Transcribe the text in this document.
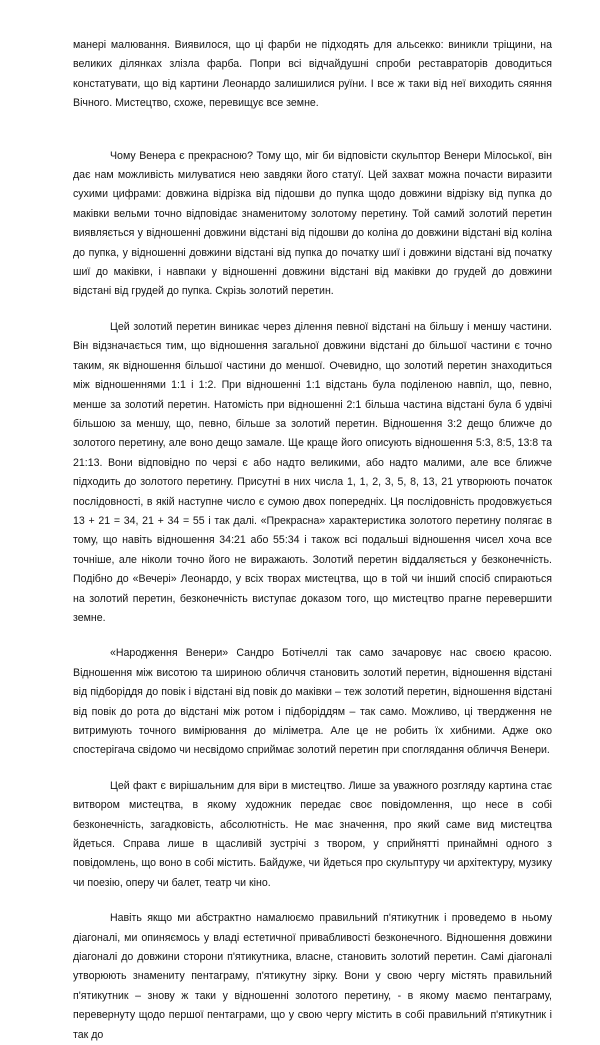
манері малювання. Виявилося, що ці фарби не підходять для альсекко: виникли тріщини, на великих ділянках злізла фарба. Попри всі відчайдушні спроби реставраторів доводиться констатувати, що від картини Леонардо залишилися руїни. І все ж таки від неї виходить сяяння Вічного. Мистецтво, схоже, перевищує все земне.

Чому Венера є прекрасною? Тому що, міг би відповісти скульптор Венери Мілоської, він дає нам можливість милуватися нею завдяки його статуї. Цей захват можна почасти виразити сухими цифрами: довжина відрізка від підошви до пупка щодо довжини відрізку від пупка до маківки вельми точно відповідає знаменитому золотому перетину. Той самий золотий перетин виявляється у відношенні довжини відстані від підошви до коліна до довжини відстані від коліна до пупка, у відношенні довжини відстані від пупка до початку шиї і довжини відстані від початку шиї до маківки, і навпаки у відношенні довжини відстані від маківки до грудей до довжини відстані від грудей до пупка. Скрізь золотий перетин.

Цей золотий перетин виникає через ділення певної відстані на більшу і меншу частини. Він відзначається тим, що відношення загальної довжини відстані до більшої частини є точно таким, як відношення більшої частини до меншої. Очевидно, що золотий перетин знаходиться між відношеннями 1:1 і 1:2. При відношенні 1:1 відстань була поділеною навпіл, що, певно, менше за золотий перетин. Натомість при відношенні 2:1 більша частина відстані була б удвічі більшою за меншу, що, певно, більше за золотий перетин. Відношення 3:2 дещо ближче до золотого перетину, але воно дещо замале. Ще краще його описують відношення 5:3, 8:5, 13:8 та 21:13. Вони відповідно по черзі є або надто великими, або надто малими, але все ближче підходить до золотого перетину. Присутні в них числа 1, 1, 2, 3, 5, 8, 13, 21 утворюють початок послідовності, в якій наступне число є сумою двох попередніх. Ця послідовність продовжується 13 + 21 = 34, 21 + 34 = 55 і так далі. «Прекрасна» характеристика золотого перетину полягає в тому, що навіть відношення 34:21 або 55:34 і також всі подальші відношення чисел хоча все точніше, але ніколи точно його не виражають. Золотий перетин віддаляється у безконечність. Подібно до «Вечері» Леонардо, у всіх творах мистецтва, що в той чи інший спосіб спираються на золотий перетин, безконечність виступає доказом того, що мистецтво прагне перевершити земне.

«Народження Венери» Сандро Ботічеллі так само зачаровує нас своєю красою. Відношення між висотою та шириною обличчя становить золотий перетин, відношення відстані від підборіддя до повік і відстані від повік до маківки – теж золотий перетин, відношення відстані від повік до рота до відстані між ротом і підборіддям – так само. Можливо, ці твердження не витримують точного вимірювання до міліметра. Але це не робить їх хибними. Адже око спостерігача свідомо чи несвідомо сприймає золотий перетин при споглядання обличчя Венери.

Цей факт є вирішальним для віри в мистецтво. Лише за уважного розгляду картина стає витвором мистецтва, в якому художник передає своє повідомлення, що несе в собі безконечність, загадковість, абсолютність. Не має значення, про який саме вид мистецтва йдеться. Справа лише в щасливій зустрічі з твором, у сприйнятті принаймні одного з повідомлень, що воно в собі містить. Байдуже, чи йдеться про скульптуру чи архітектуру, музику чи поезію, оперу чи балет, театр чи кіно.

Навіть якщо ми абстрактно намалюємо правильний п'ятикутник і проведемо в ньому діагоналі, ми опиняємось у владі естетичної привабливості безконечного. Відношення довжини діагоналі до довжини сторони п'ятикутника, власне, становить золотий перетин. Самі діагоналі утворюють знамениту пентаграму, п'ятикутну зірку. Вони у свою чергу містять правильний п'ятикутник – знову ж таки у відношенні золотого перетину, - в якому маємо пентаграму, перевернуту щодо першої пентаграми, що у свою чергу містить в собі правильний п'ятикутник і так до
